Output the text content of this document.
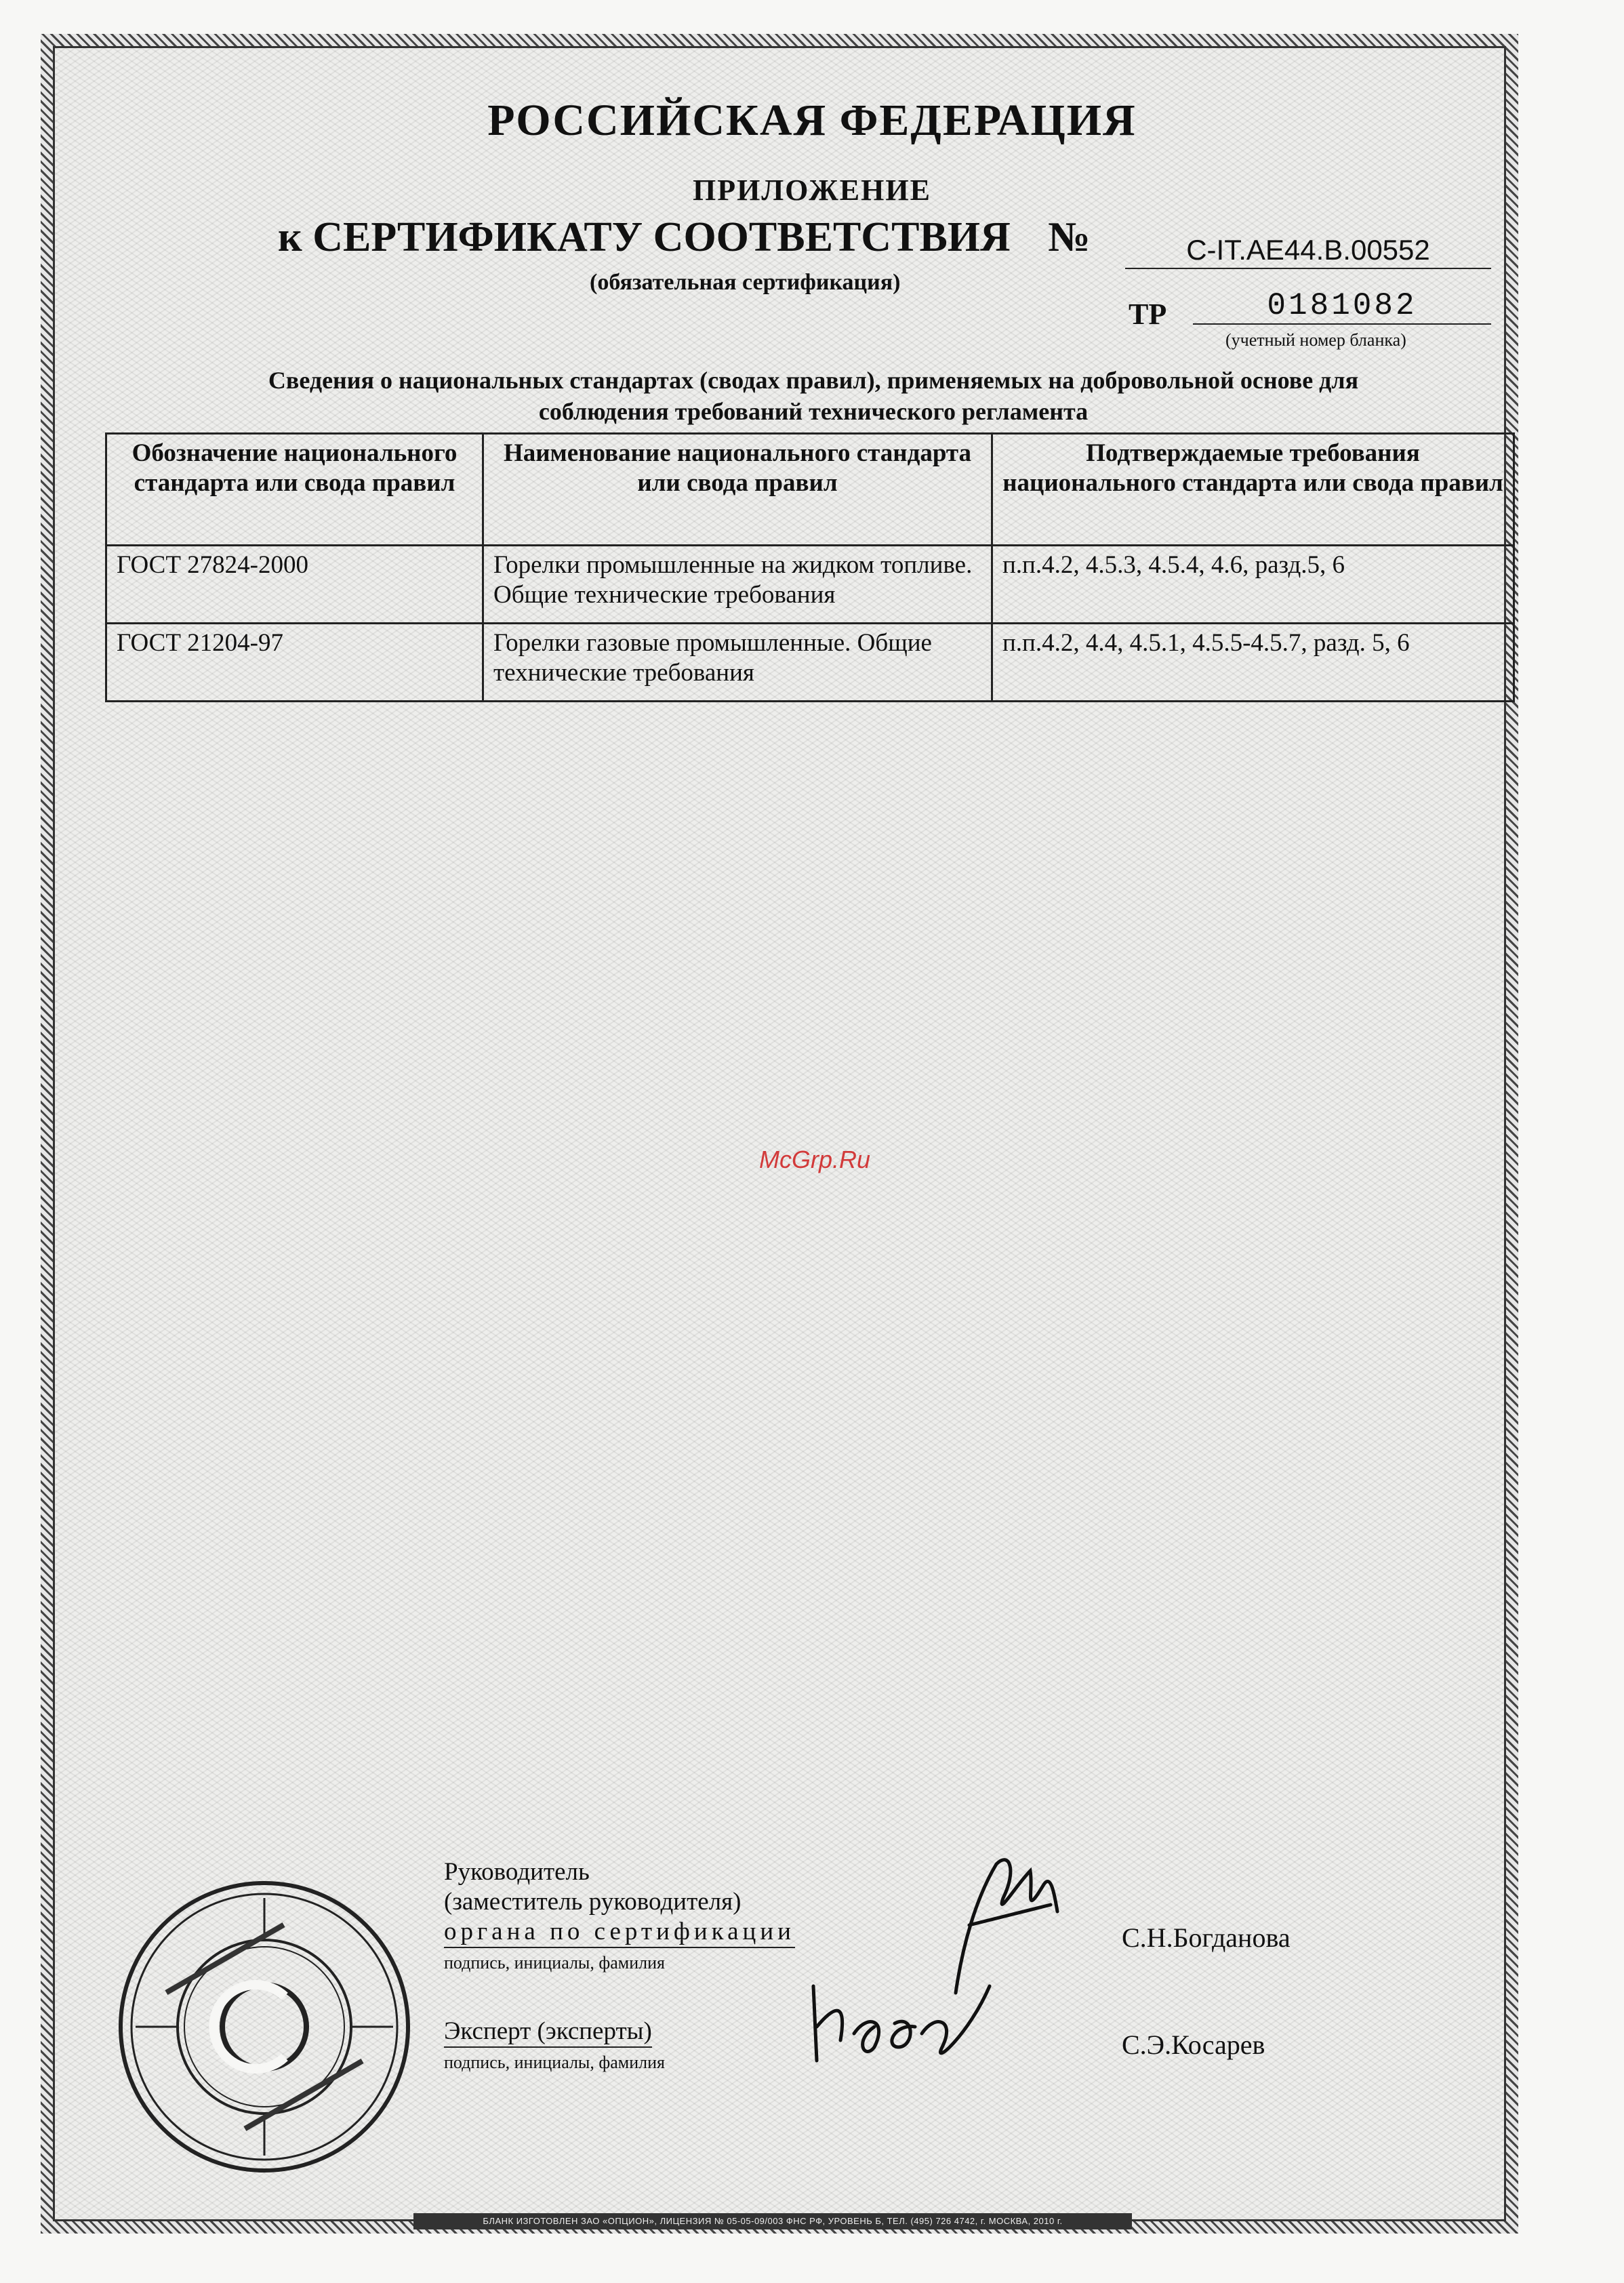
РОССИЙСКАЯ ФЕДЕРАЦИЯ
ПРИЛОЖЕНИЕ
к СЕРТИФИКАТУ СООТВЕТСТВИЯ №	C-IT.AE44.B.00552
(обязательная сертификация)
ТР	0181082
(учетный номер бланка)
Сведения о национальных стандартах (сводах правил), применяемых на добровольной основе для соблюдения требований технического регламента
Обозначение национального стандарта или свода правил	Наименование национального стандарта или свода правил	Подтверждаемые требования национального стандарта или свода правил
ГОСТ 27824-2000	Горелки промышленные на жидком топливе. Общие технические требования	п.п.4.2, 4.5.3, 4.5.4, 4.6, разд.5, 6
ГОСТ 21204-97	Горелки газовые промышленные. Общие технические требования	п.п.4.2, 4.4, 4.5.1, 4.5.5-4.5.7, разд. 5, 6
McGrp.Ru
Руководитель
(заместитель руководителя)
органа по сертификации
подпись, инициалы, фамилия
С.Н.Богданова
Эксперт (эксперты)
подпись, инициалы, фамилия
С.Э.Косарев
БЛАНК ИЗГОТОВЛЕН ЗАО «ОПЦИОН», ЛИЦЕНЗИЯ № 05-05-09/003 ФНС РФ, УРОВЕНЬ Б, ТЕЛ. (495) 726 4742, г. МОСКВА, 2010 г.
